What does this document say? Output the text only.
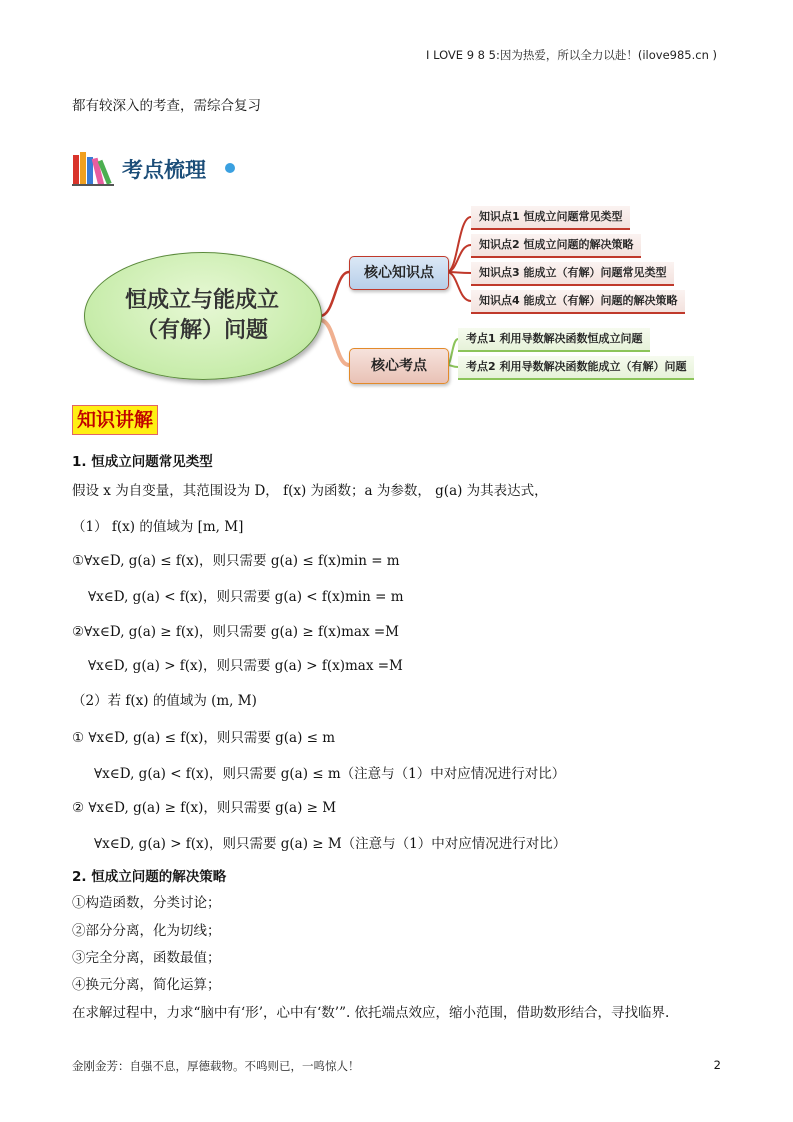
I LOVE 9 8 5:因为热爱，所以全力以赴！(ilove985.cn )
都有较深入的考查，需综合复习
考点梳理
恒成立与能成立
（有解）问题
核心知识点
核心考点
知识点1 恒成立问题常见类型
知识点2 恒成立问题的解决策略
知识点3 能成立（有解）问题常见类型
知识点4 能成立（有解）问题的解决策略
考点1 利用导数解决函数恒成立问题
考点2 利用导数解决函数能成立（有解）问题
知识讲解
1. 恒成立问题常见类型
假设 x 为自变量，其范围设为 D， f(x) 为函数；a 为参数， g(a) 为其表达式，
（1） f(x) 的值域为 [m, M]
①∀x∈D, g(a) ≤ f(x)，则只需要 g(a) ≤ f(x)min = m
∀x∈D, g(a) < f(x)，则只需要 g(a) < f(x)min = m
②∀x∈D, g(a) ≥ f(x)，则只需要 g(a) ≥ f(x)max =M
∀x∈D, g(a) > f(x)，则只需要 g(a) > f(x)max =M
（2）若 f(x) 的值域为 (m, M)
① ∀x∈D, g(a) ≤ f(x)，则只需要 g(a) ≤ m
∀x∈D, g(a) < f(x)，则只需要 g(a) ≤ m（注意与（1）中对应情况进行对比）
② ∀x∈D, g(a) ≥ f(x)，则只需要 g(a) ≥ M
∀x∈D, g(a) > f(x)，则只需要 g(a) ≥ M（注意与（1）中对应情况进行对比）
2. 恒成立问题的解决策略
①构造函数，分类讨论；
②部分分离，化为切线；
③完全分离，函数最值；
④换元分离，简化运算；
在求解过程中，力求“脑中有‘形’，心中有‘数’”. 依托端点效应，缩小范围，借助数形结合，寻找临界.
金刚金芳：自强不息，厚德载物。不鸣则已，一鸣惊人！	2
